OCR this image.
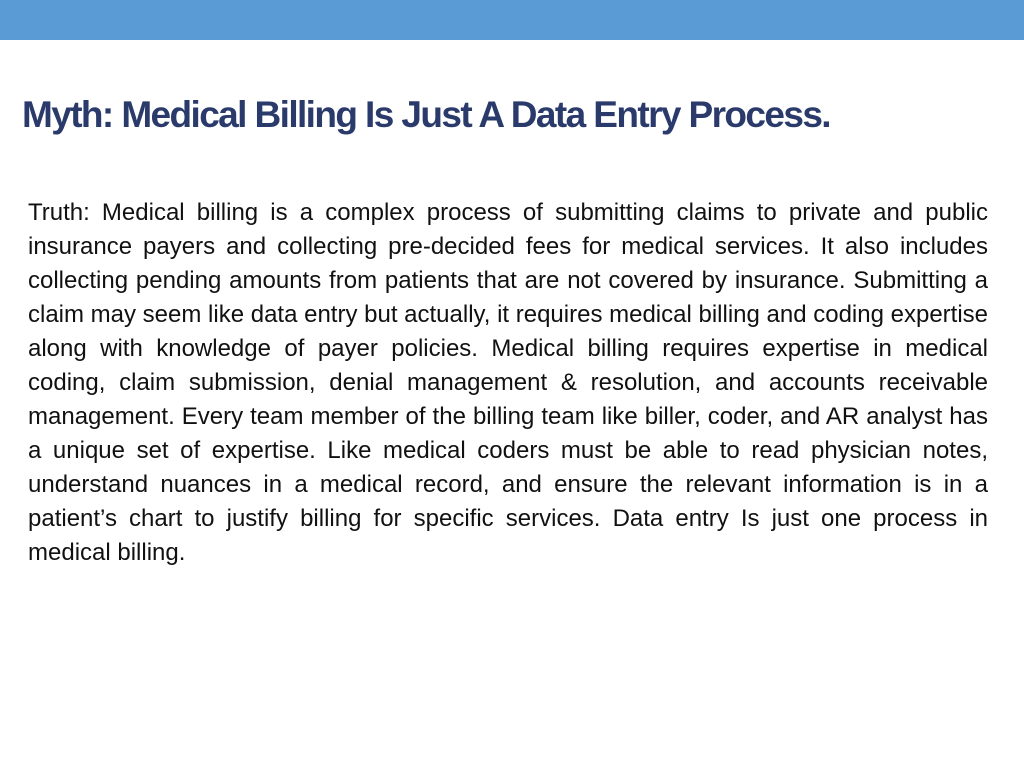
Myth: Medical Billing Is Just A Data Entry Process.

Truth: Medical billing is a complex process of submitting claims to private and public insurance payers and collecting pre-decided fees for medical services. It also includes collecting pending amounts from patients that are not covered by insurance. Submitting a claim may seem like data entry but actually, it requires medical billing and coding expertise along with knowledge of payer policies. Medical billing requires expertise in medical coding, claim submission, denial management & resolution, and accounts receivable management. Every team member of the billing team like biller, coder, and AR analyst has a unique set of expertise. Like medical coders must be able to read physician notes, understand nuances in a medical record, and ensure the relevant information is in a patient’s chart to justify billing for specific services. Data entry Is just one process in medical billing.
